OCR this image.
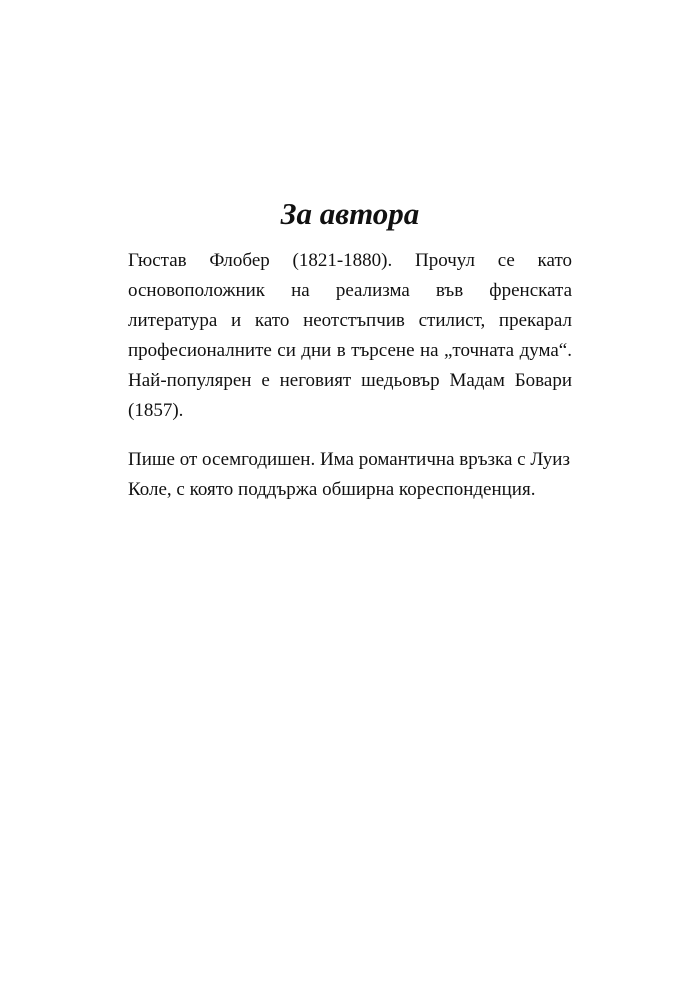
За автора

Гюстав Флобер (1821-1880). Прочул се като основоположник на реализма във френската литература и като неотстъпчив стилист, прекарал професионалните си дни в търсене на „точната дума“. Най-популярен е неговият шедьовър Мадам Бовари (1857).

Пише от осемгодишен. Има романтична връзка с Луиз Коле, с която поддържа обширна кореспонденция.
